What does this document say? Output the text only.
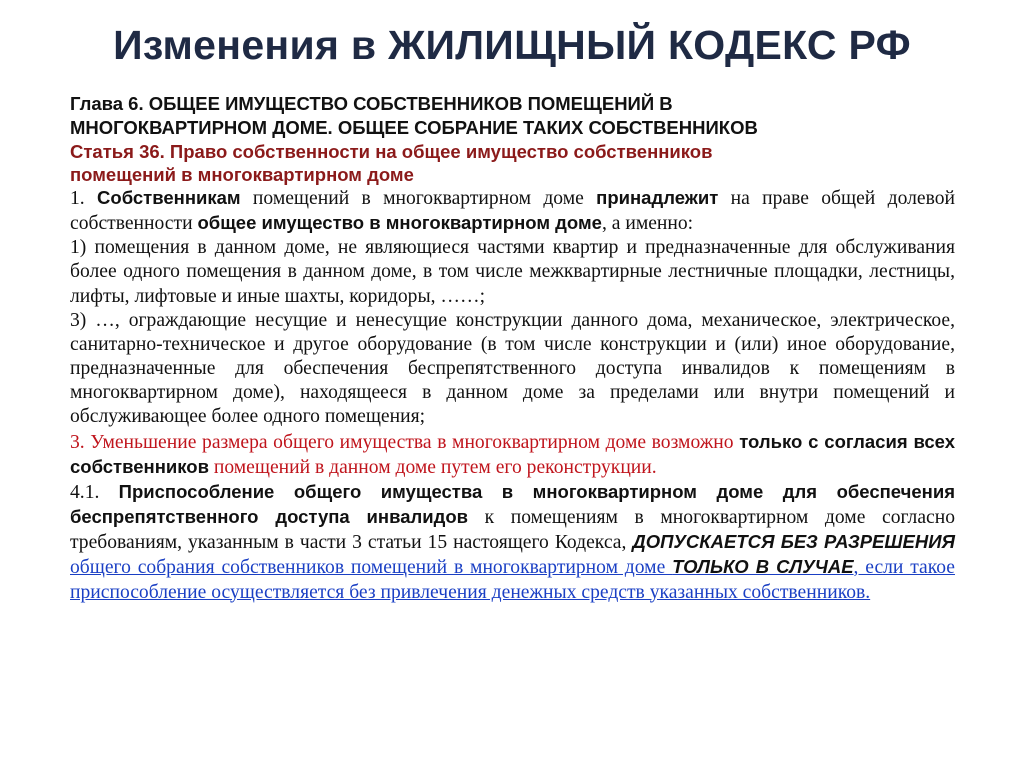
Изменения в ЖИЛИЩНЫЙ КОДЕКС РФ
Глава 6. ОБЩЕЕ ИМУЩЕСТВО СОБСТВЕННИКОВ ПОМЕЩЕНИЙ В
МНОГОКВАРТИРНОМ ДОМЕ. ОБЩЕЕ СОБРАНИЕ ТАКИХ СОБСТВЕННИКОВ
Статья 36. Право собственности на общее имущество собственников
помещений в многоквартирном доме

1. Собственникам помещений в многоквартирном доме принадлежит на праве общей долевой собственности общее имущество в многоквартирном доме, а именно:

1) помещения в данном доме, не являющиеся частями квартир и предназначенные для обслуживания более одного помещения в данном доме, в том числе межквартирные лестничные площадки, лестницы, лифты, лифтовые и иные шахты, коридоры, ……;

3) …, ограждающие несущие и ненесущие конструкции данного дома, механическое, электрическое, санитарно-техническое и другое оборудование (в том числе конструкции и (или) иное оборудование, предназначенные для обеспечения беспрепятственного доступа инвалидов к помещениям в многоквартирном доме), находящееся в данном доме за пределами или внутри помещений и обслуживающее более одного помещения;

3. Уменьшение размера общего имущества в многоквартирном доме возможно только с согласия всех собственников помещений в данном доме путем его реконструкции.

4.1. Приспособление общего имущества в многоквартирном доме для обеспечения беспрепятственного доступа инвалидов к помещениям в многоквартирном доме согласно требованиям, указанным в части 3 статьи 15 настоящего Кодекса, ДОПУСКАЕТСЯ БЕЗ РАЗРЕШЕНИЯ общего собрания собственников помещений в многоквартирном доме ТОЛЬКО В СЛУЧАЕ, если такое приспособление осуществляется без привлечения денежных средств указанных собственников.
